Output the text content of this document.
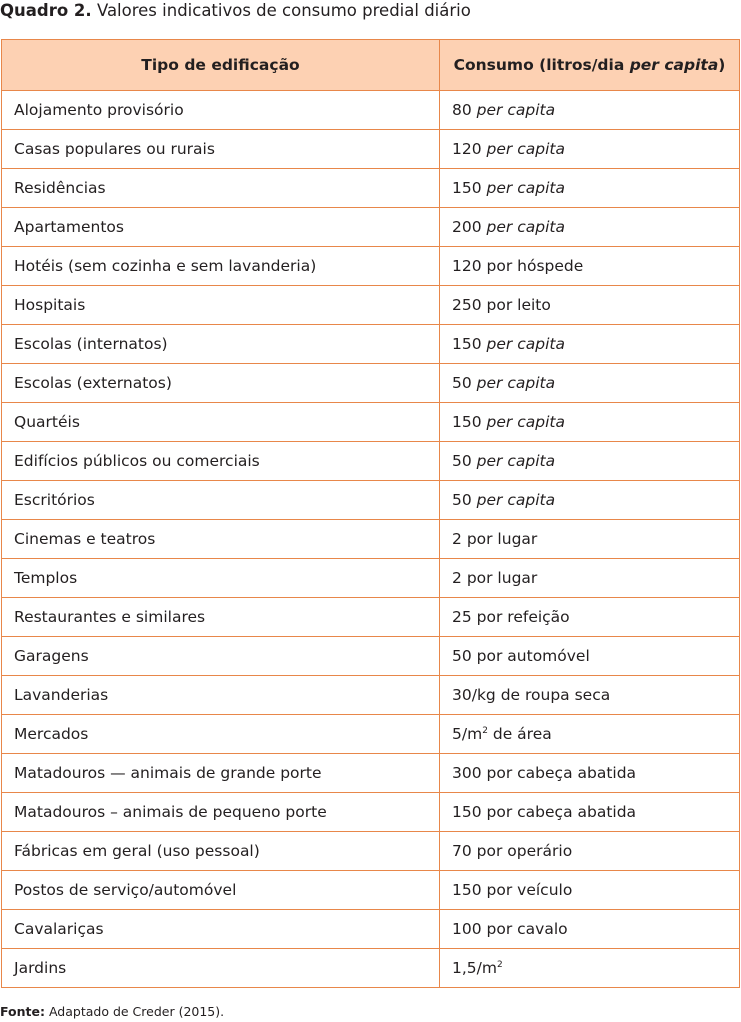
Quadro 2. Valores indicativos de consumo predial diário
Tipo de edificação	Consumo (litros/dia per capita)
Alojamento provisório	80 per capita
Casas populares ou rurais	120 per capita
Residências	150 per capita
Apartamentos	200 per capita
Hotéis (sem cozinha e sem lavanderia)	120 por hóspede
Hospitais	250 por leito
Escolas (internatos)	150 per capita
Escolas (externatos)	50 per capita
Quartéis	150 per capita
Edifícios públicos ou comerciais	50 per capita
Escritórios	50 per capita
Cinemas e teatros	2 por lugar
Templos	2 por lugar
Restaurantes e similares	25 por refeição
Garagens	50 por automóvel
Lavanderias	30/kg de roupa seca
Mercados	$5/m^2$ de área
Matadouros — animais de grande porte	300 por cabeça abatida
Matadouros – animais de pequeno porte	150 por cabeça abatida
Fábricas em geral (uso pessoal)	70 por operário
Postos de serviço/automóvel	150 por veículo
Cavalariças	100 por cavalo
Jardins	$1,5/m^2$
Fonte: Adaptado de Creder (2015).
